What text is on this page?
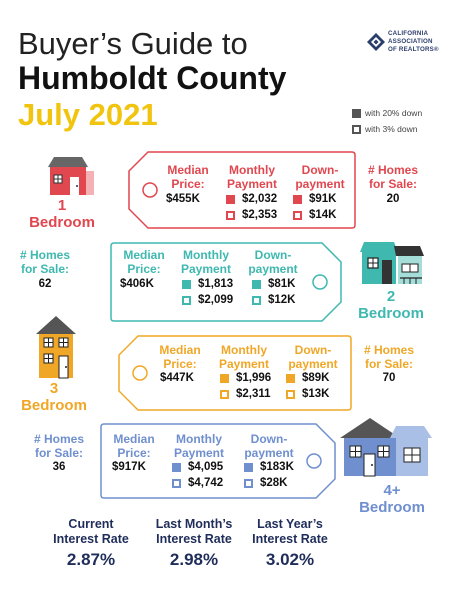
Buyer’s Guide to
Humboldt County
July 2021
CALIFORNIA
ASSOCIATION
OF REALTORS®
with 20% down
with 3% down
1
Bedroom
Median
Price:
$455K
Monthly
Payment
$2,032
$2,353
Down-
payment
$91K
$14K
# Homes
for Sale:
20
2
Bedroom
# Homes
for Sale:
62
Median
Price:
$406K
Monthly
Payment
$1,813
$2,099
Down-
payment
$81K
$12K
3
Bedroom
Median
Price:
$447K
Monthly
Payment
$1,996
$2,311
Down-
payment
$89K
$13K
# Homes
for Sale:
70
4+
Bedroom
# Homes
for Sale:
36
Median
Price:
$917K
Monthly
Payment
$4,095
$4,742
Down-
payment
$183K
$28K
Current
Interest Rate
2.87%
Last Month’s
Interest Rate
2.98%
Last Year’s
Interest Rate
3.02%
